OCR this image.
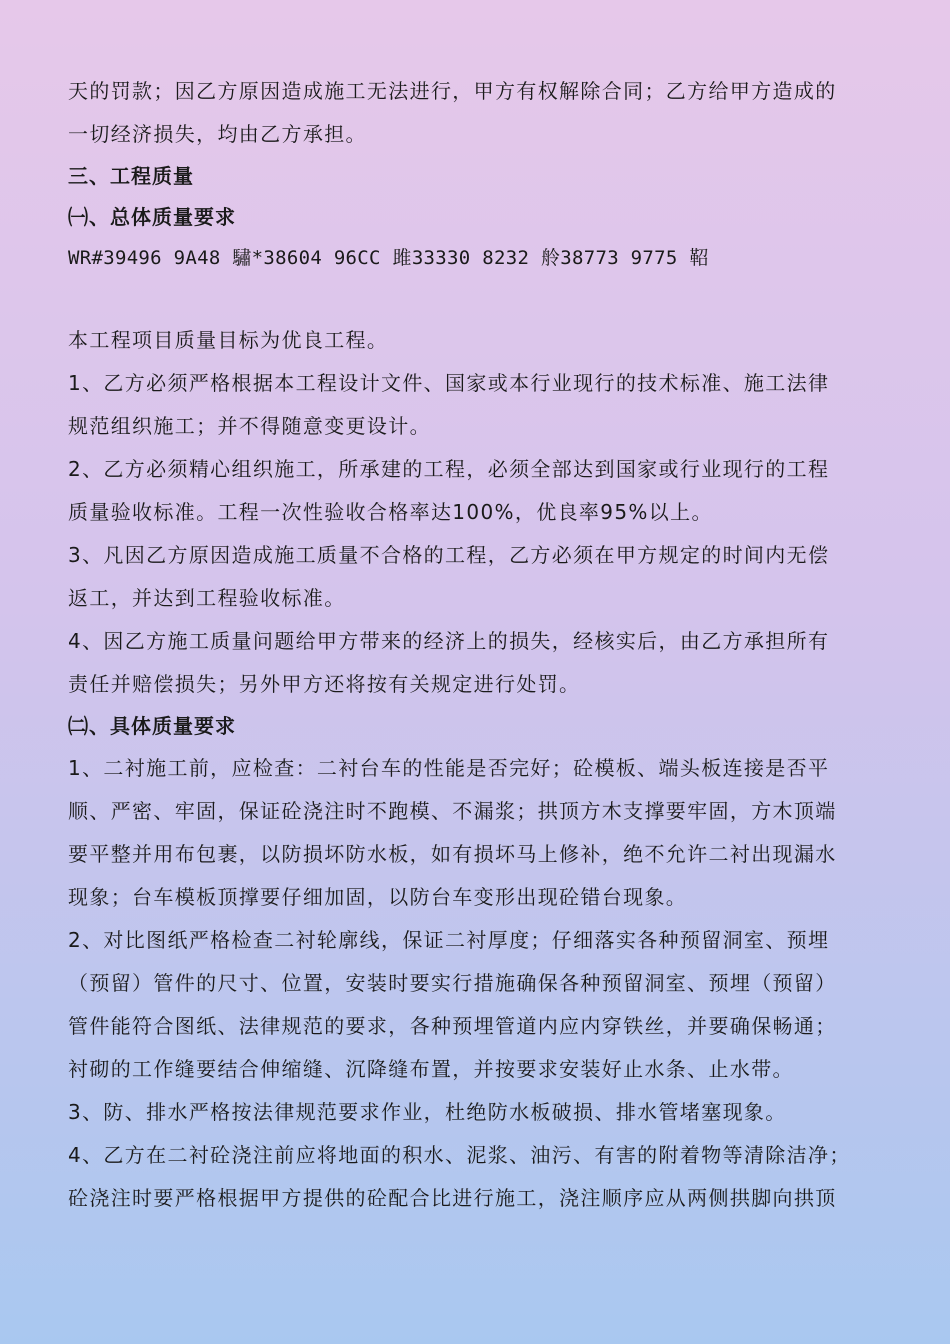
天的罚款；因乙方原因造成施工无法进行，甲方有权解除合同；乙方给甲方造成的
一切经济损失，均由乙方承担。
三、工程质量
㈠、总体质量要求
WR#39496 9A48 驌*38604 96CC 雎33330 8232 舲38773 9775 鞀
本工程项目质量目标为优良工程。
1、乙方必须严格根据本工程设计文件、国家或本行业现行的技术标准、施工法律
规范组织施工；并不得随意变更设计。
2、乙方必须精心组织施工，所承建的工程，必须全部达到国家或行业现行的工程
质量验收标准。工程一次性验收合格率达100%，优良率95%以上。
3、凡因乙方原因造成施工质量不合格的工程，乙方必须在甲方规定的时间内无偿
返工，并达到工程验收标准。
4、因乙方施工质量问题给甲方带来的经济上的损失，经核实后，由乙方承担所有
责任并赔偿损失；另外甲方还将按有关规定进行处罚。
㈡、具体质量要求
1、二衬施工前，应检查：二衬台车的性能是否完好；砼模板、端头板连接是否平
顺、严密、牢固，保证砼浇注时不跑模、不漏浆；拱顶方木支撑要牢固，方木顶端
要平整并用布包裹，以防损坏防水板，如有损坏马上修补，绝不允许二衬出现漏水
现象；台车模板顶撑要仔细加固，以防台车变形出现砼错台现象。
2、对比图纸严格检查二衬轮廓线，保证二衬厚度；仔细落实各种预留洞室、预埋
（预留）管件的尺寸、位置，安装时要实行措施确保各种预留洞室、预埋（预留）
管件能符合图纸、法律规范的要求，各种预埋管道内应内穿铁丝，并要确保畅通；
衬砌的工作缝要结合伸缩缝、沉降缝布置，并按要求安装好止水条、止水带。
3、防、排水严格按法律规范要求作业，杜绝防水板破损、排水管堵塞现象。
4、乙方在二衬砼浇注前应将地面的积水、泥浆、油污、有害的附着物等清除洁净；
砼浇注时要严格根据甲方提供的砼配合比进行施工，浇注顺序应从两侧拱脚向拱顶
